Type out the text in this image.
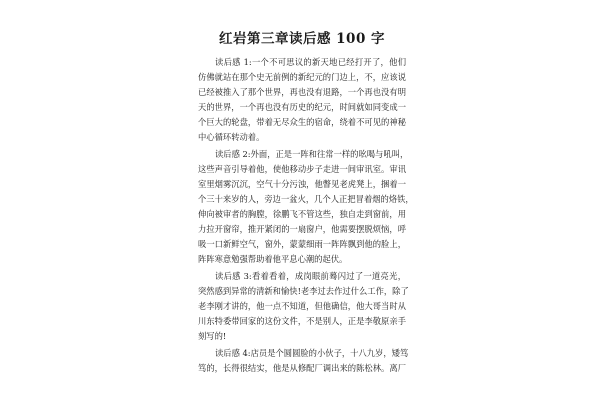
红岩第三章读后感 100 字
读后感 1:一个不可思议的新天地已经打开了，他们
仿佛就站在那个史无前例的新纪元的门边上，不，应该说
已经被推入了那个世界，再也没有退路，一个再也没有明
天的世界，一个再也没有历史的纪元，时间就如同变成一
个巨大的轮盘，带着无尽众生的宿命，绕着不可见的神秘
中心循环转动着。
读后感 2:外面，正是一阵和往常一样的吆喝与吼叫，
这些声音引导着他，使他移动步子走进一间审讯室。审讯
室里烟雾沉沉，空气十分污浊，他瞥见老虎凳上，捆着一
个三十来岁的人，旁边一盆火，几个人正把冒着烟的烙铁，
伸向被审者的胸膛，徐鹏飞不管这些，独自走到窗前，用
力拉开窗帘，推开紧闭的一扇窗户，他需要摆脱烦恼，呼
吸一口新鲜空气，窗外，蒙蒙细雨一阵阵飘到他的脸上，
阵阵寒意勉强帮助着他平息心潮的起伏。
读后感 3:看着看着，成岗眼前蓦闪过了一道亮光，
突然感到异常的清新和愉快!老李过去作过什么工作，除了
老李刚才讲的，他一点不知道，但他确信，他大哥当时从
川东特委带回家的这份文件，不是别人，正是李敬原亲手
刻写的!
读后感 4:店员是个圆圆脸的小伙子，十八九岁，矮笃
笃的，长得很结实，他是从修配厂调出来的陈松林。离厂
